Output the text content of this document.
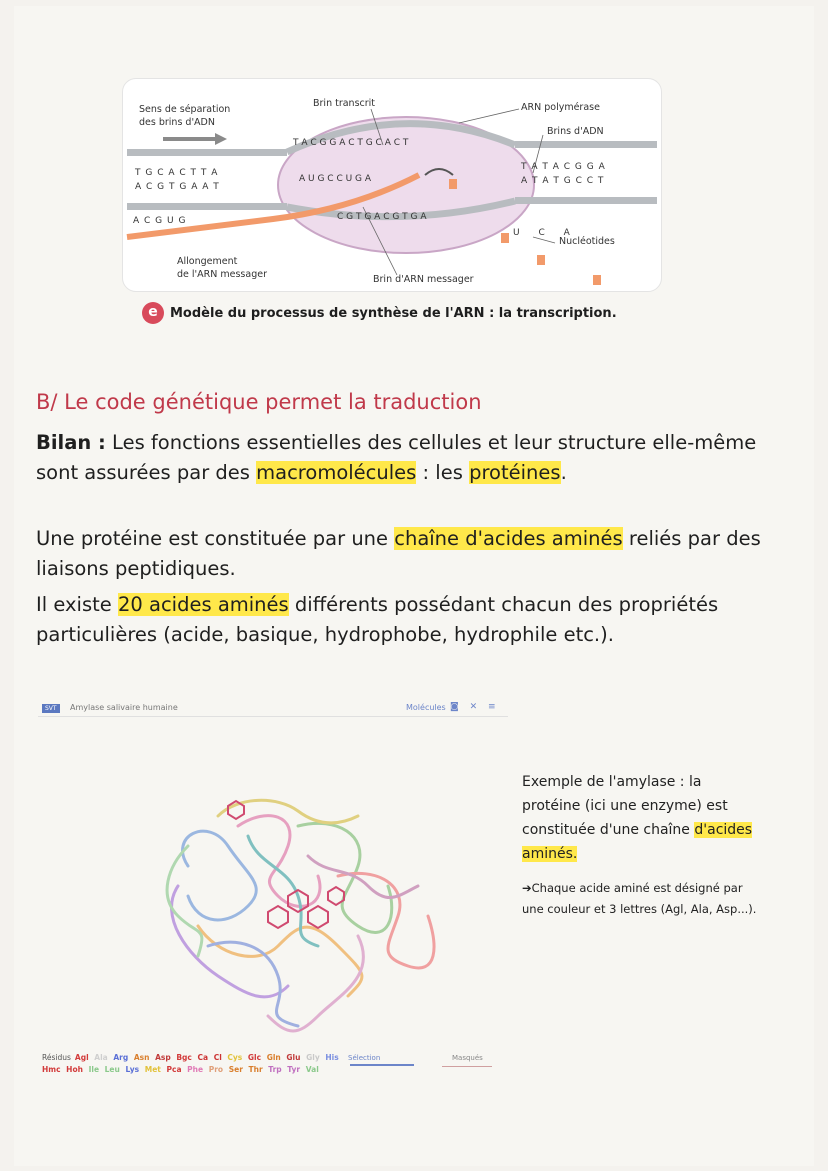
Sens de séparation
des brins d'ADN
Brin transcrit	ARN polymérase
Brins d'ADN
Nucléotides
Allongement
de l'ARN messager	Brin d'ARN messager
T G C A C T T A
A C G T G A A T
T A T A C G G A
A T A T G C C T
A C G U G
T A C G G A C T G C A C T
A U G C C U G A
C G T G A C G T G A
U C A
e Modèle du processus de synthèse de l'ARN : la transcription.
B/ Le code génétique permet la traduction
Bilan : Les fonctions essentielles des cellules et leur structure elle-même sont assurées par des macromolécules : les protéines.
Une protéine est constituée par une chaîne d'acides aminés reliés par des liaisons peptidiques.
Il existe 20 acides aminés différents possédant chacun des propriétés particulières (acide, basique, hydrophobe, hydrophile etc.).
SVT	Amylase salivaire humaine	Molécules ◙ ✕ ≡
Résidus Agl Ala Arg Asn Asp Bgc Ca Cl Cys Glc Gln Glu Gly His Hmc Hoh Ile Leu Lys Met Pca Phe Pro Ser Thr Trp Tyr Val
Sélection	Masqués
Exemple de l'amylase : la protéine (ici une enzyme) est constituée d'une chaîne d'acides aminés.
➔Chaque acide aminé est désigné par une couleur et 3 lettres (Agl, Ala, Asp...).
